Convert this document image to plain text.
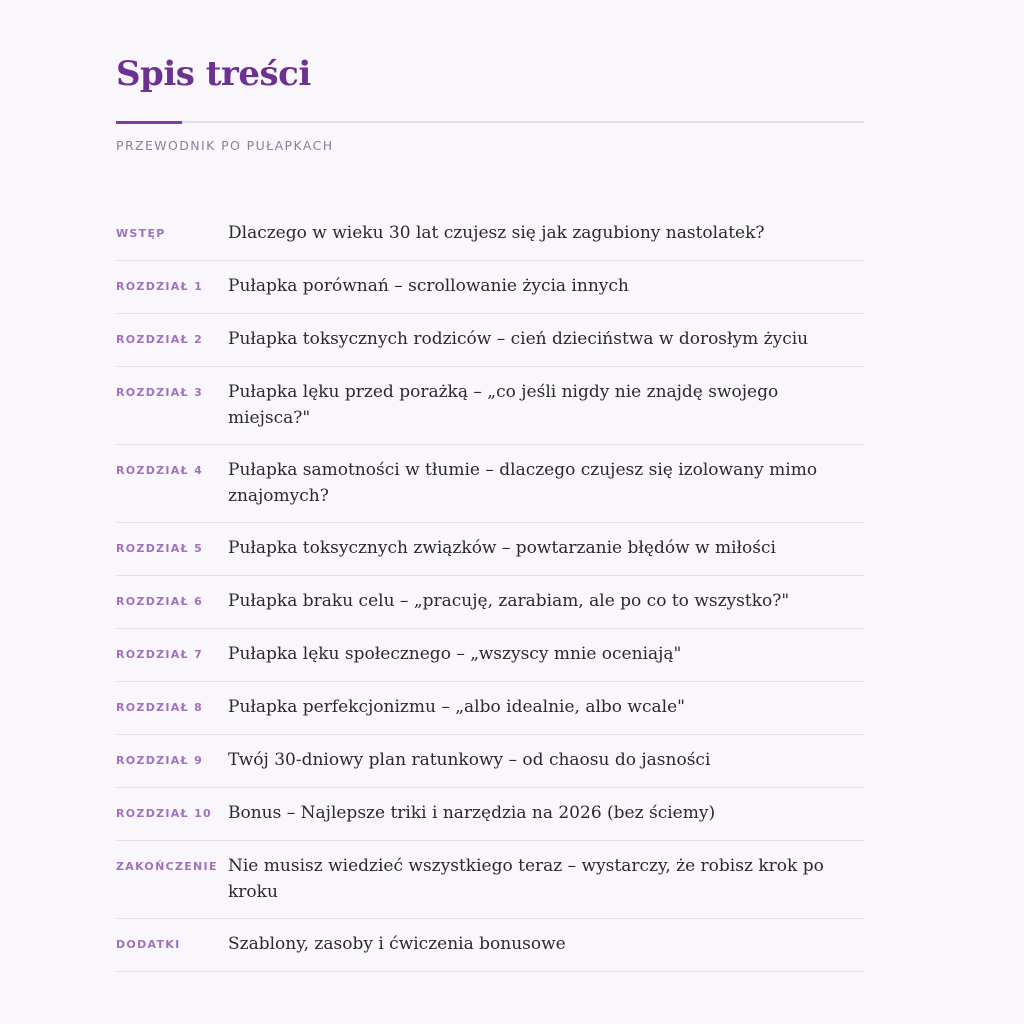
Spis treści
PRZEWODNIK PO PUŁAPKACH
WSTĘP	Dlaczego w wieku 30 lat czujesz się jak zagubiony nastolatek?
ROZDZIAŁ 1	Pułapka porównań – scrollowanie życia innych
ROZDZIAŁ 2	Pułapka toksycznych rodziców – cień dzieciństwa w dorosłym życiu
ROZDZIAŁ 3	Pułapka lęku przed porażką – „co jeśli nigdy nie znajdę swojego miejsca?"
ROZDZIAŁ 4	Pułapka samotności w tłumie – dlaczego czujesz się izolowany mimo znajomych?
ROZDZIAŁ 5	Pułapka toksycznych związków – powtarzanie błędów w miłości
ROZDZIAŁ 6	Pułapka braku celu – „pracuję, zarabiam, ale po co to wszystko?"
ROZDZIAŁ 7	Pułapka lęku społecznego – „wszyscy mnie oceniają"
ROZDZIAŁ 8	Pułapka perfekcjonizmu – „albo idealnie, albo wcale"
ROZDZIAŁ 9	Twój 30-dniowy plan ratunkowy – od chaosu do jasności
ROZDZIAŁ 10 Bonus – Najlepsze triki i narzędzia na 2026 (bez ściemy)
ZAKOŃCZENIE Nie musisz wiedzieć wszystkiego teraz – wystarczy, że robisz krok po kroku
DODATKI	Szablony, zasoby i ćwiczenia bonusowe
